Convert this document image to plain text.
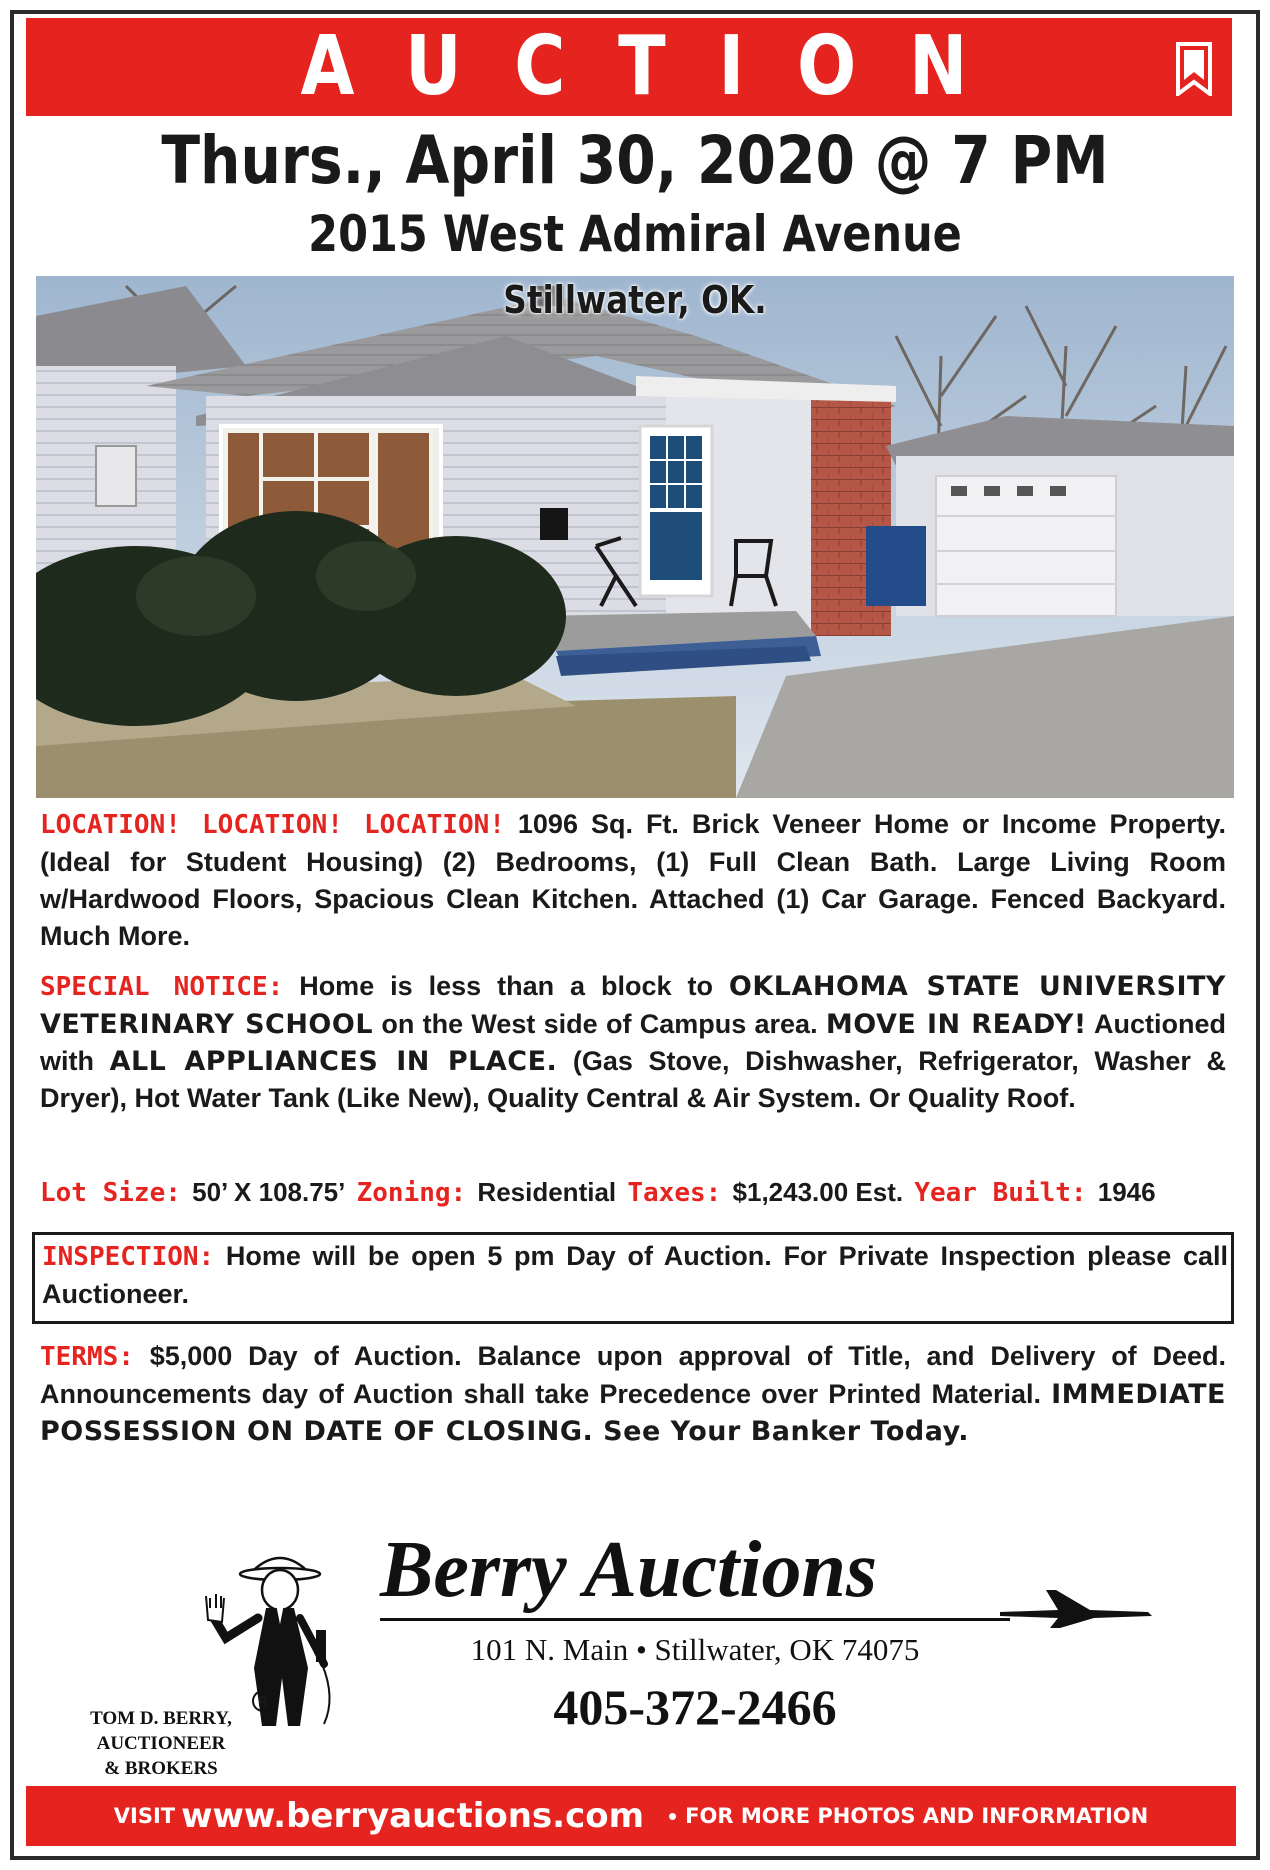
AUCTION
Thurs., April 30, 2020 @ 7 PM
2015 West Admiral Avenue
Stillwater, OK.

LOCATION! LOCATION! LOCATION! 1096 Sq. Ft. Brick Veneer Home or Income Property. (Ideal for Student Housing) (2) Bedrooms, (1) Full Clean Bath. Large Living Room w/Hardwood Floors, Spacious Clean Kitchen. Attached (1) Car Garage. Fenced Backyard. Much More.

SPECIAL NOTICE: Home is less than a block to OKLAHOMA STATE UNIVERSITY VETERINARY SCHOOL on the West side of Campus area. MOVE IN READY! Auctioned with ALL APPLIANCES IN PLACE. (Gas Stove, Dishwasher, Refrigerator, Washer & Dryer), Hot Water Tank (Like New), Quality Central & Air System. Or Quality Roof.

Lot Size: 50’ X 108.75’ Zoning: Residential Taxes: $1,243.00 Est. Year Built: 1946

INSPECTION: Home will be open 5 pm Day of Auction. For Private Inspection please call Auctioneer.

TERMS: $5,000 Day of Auction. Balance upon approval of Title, and Delivery of Deed. Announcements day of Auction shall take Precedence over Printed Material. IMMEDIATE POSSESSION ON DATE OF CLOSING. See Your Banker Today.

R
TOM D. BERRY,
AUCTIONEER
& BROKERS
Berry Auctions
101 N. Main • Stillwater, OK 74075
405-372-2466
VISIT www.berryauctions.com • FOR MORE PHOTOS AND INFORMATION
